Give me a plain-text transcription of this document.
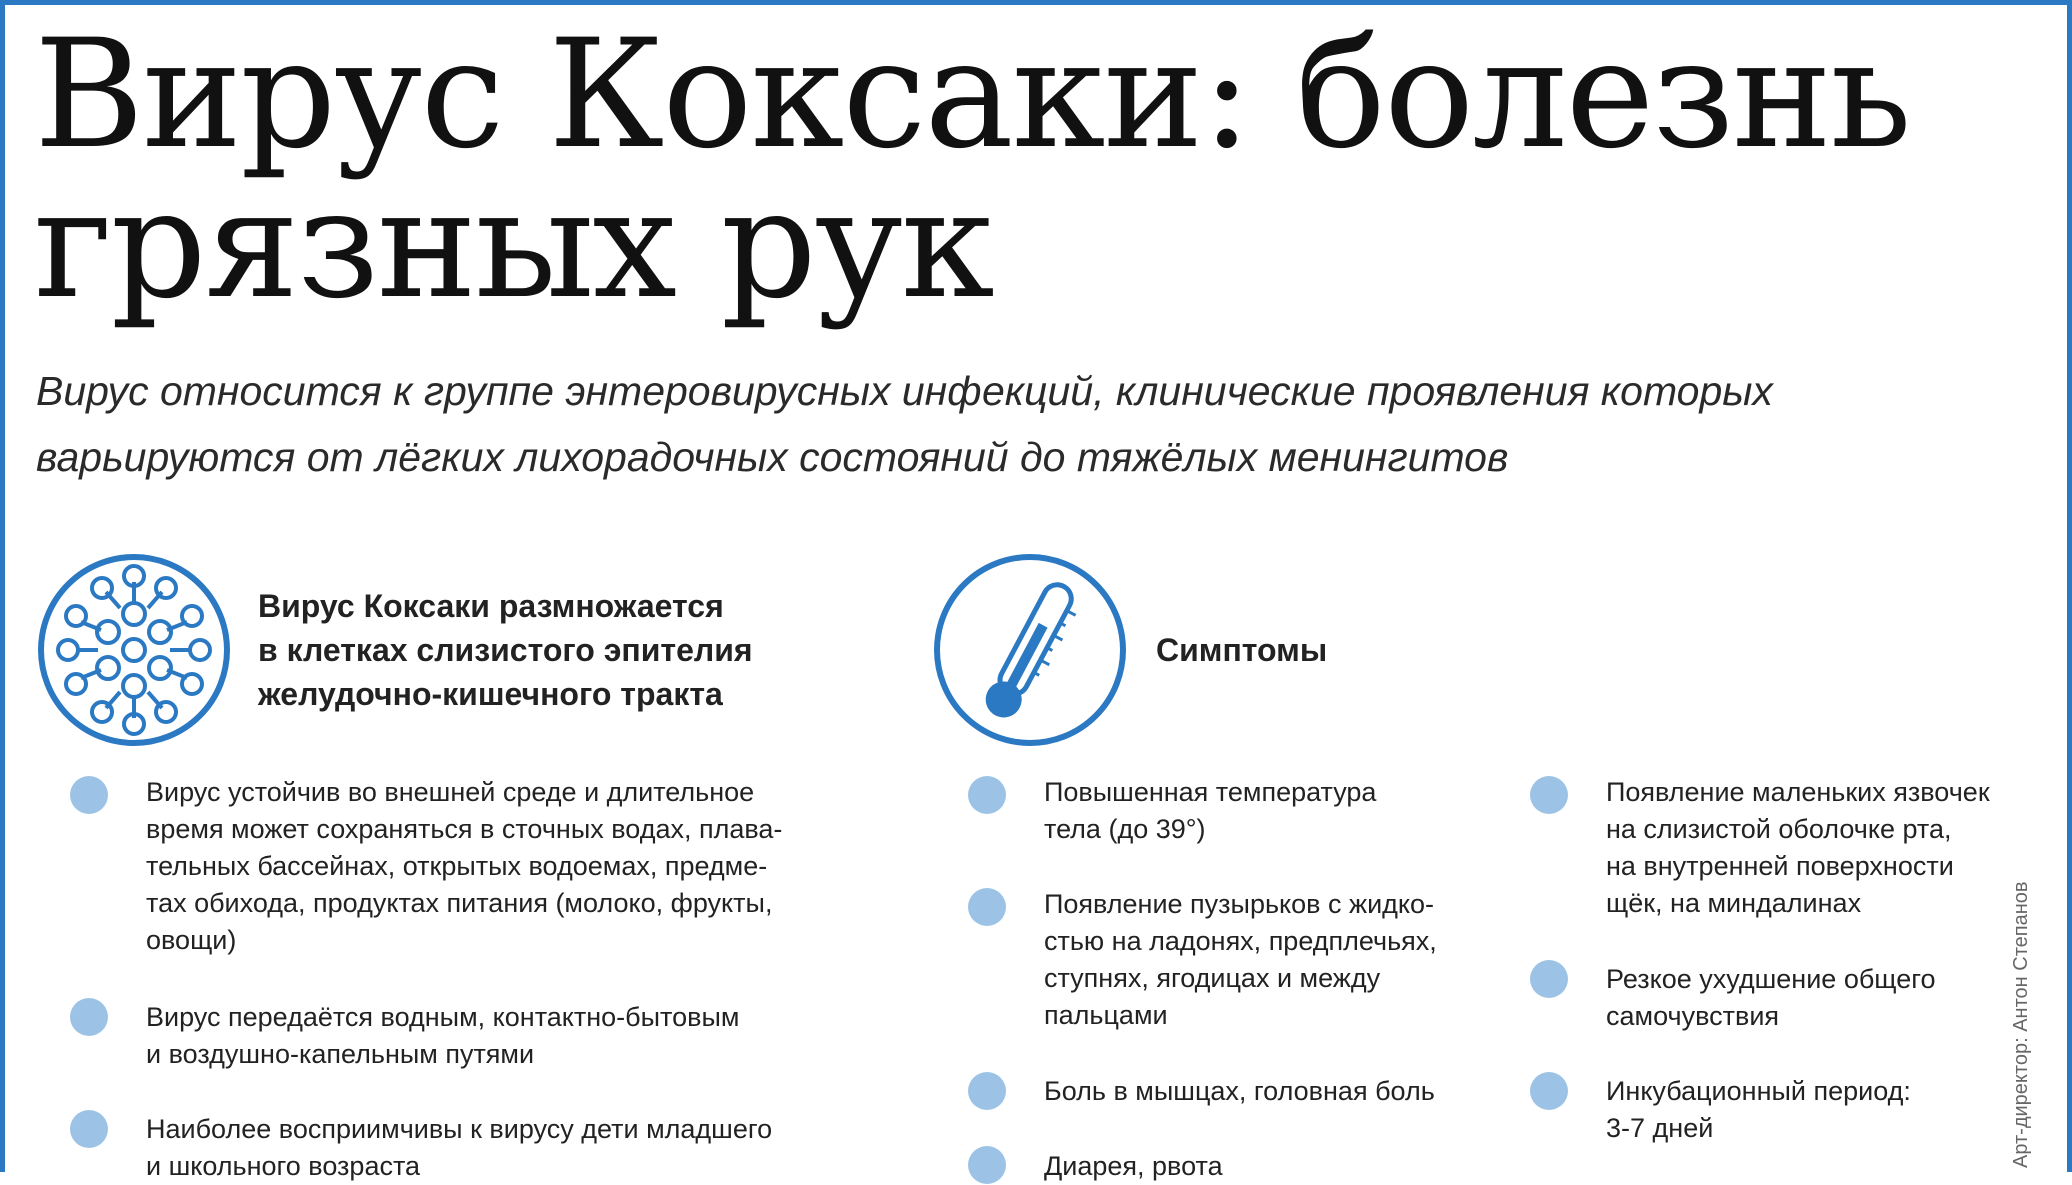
Вирус Коксаки: болезнь
грязных рук
Вирус относится к группе энтеровирусных инфекций, клинические проявления которых
варьируются от лёгких лихорадочных состояний до тяжёлых менингитов
Вирус Коксаки размножается
в клетках слизистого эпителия
желудочно-кишечного тракта
Симптомы
Вирус устойчив во внешней среде и длительное
время может сохраняться в сточных водах, плава-
тельных бассейнах, открытых водоемах, предме-
тах обихода, продуктах питания (молоко, фрукты,
овощи)
Вирус передаётся водным, контактно-бытовым
и воздушно-капельным путями
Наиболее восприимчивы к вирусу дети младшего
и школьного возраста
Повышенная температура
тела (до 39°)
Появление пузырьков с жидко-
стью на ладонях, предплечьях,
ступнях, ягодицах и между
пальцами
Боль в мышцах, головная боль
Диарея, рвота
Появление маленьких язвочек
на слизистой оболочке рта,
на внутренней поверхности
щёк, на миндалинах
Резкое ухудшение общего
самочувствия
Инкубационный период:
3-7 дней	Арт-директор: Антон Степанов
